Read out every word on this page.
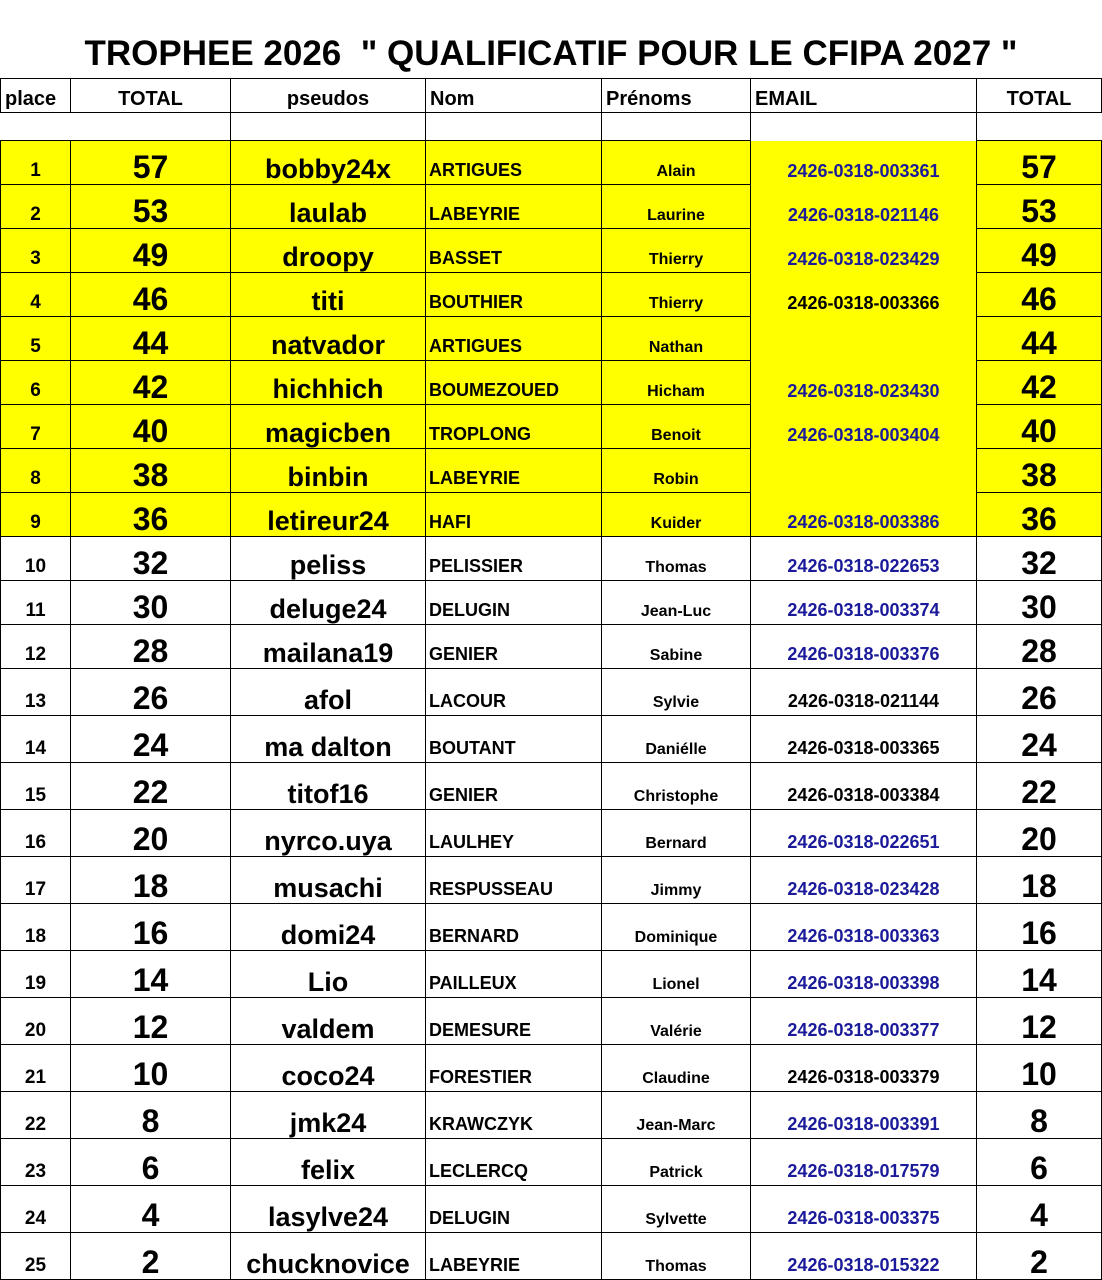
TROPHEE 2026  " QUALIFICATIF POUR LE CFIPA 2027 "
place	TOTAL	pseudos	Nom	Prénoms	EMAIL	TOTAL

1	57	bobby24x	ARTIGUES	Alain	2426-0318-003361	57
2	53	laulab	LABEYRIE	Laurine	2426-0318-021146	53
3	49	droopy	BASSET	Thierry	2426-0318-023429	49
4	46	titi	BOUTHIER	Thierry	2426-0318-003366	46
5	44	natvador	ARTIGUES	Nathan		44
6	42	hichhich	BOUMEZOUED	Hicham	2426-0318-023430	42
7	40	magicben	TROPLONG	Benoit	2426-0318-003404	40
8	38	binbin	LABEYRIE	Robin		38
9	36	letireur24	HAFI	Kuider	2426-0318-003386	36
10	32	peliss	PELISSIER	Thomas	2426-0318-022653	32
11	30	deluge24	DELUGIN	Jean-Luc	2426-0318-003374	30
12	28	mailana19	GENIER	Sabine	2426-0318-003376	28
13	26	afol	LACOUR	Sylvie	2426-0318-021144	26
14	24	ma dalton	BOUTANT	Daniélle	2426-0318-003365	24
15	22	titof16	GENIER	Christophe	2426-0318-003384	22
16	20	nyrco.uya	LAULHEY	Bernard	2426-0318-022651	20
17	18	musachi	RESPUSSEAU	Jimmy	2426-0318-023428	18
18	16	domi24	BERNARD	Dominique	2426-0318-003363	16
19	14	Lio	PAILLEUX	Lionel	2426-0318-003398	14
20	12	valdem	DEMESURE	Valérie	2426-0318-003377	12
21	10	coco24	FORESTIER	Claudine	2426-0318-003379	10
22	8	jmk24	KRAWCZYK	Jean-Marc	2426-0318-003391	8
23	6	felix	LECLERCQ	Patrick	2426-0318-017579	6
24	4	lasylve24	DELUGIN	Sylvette	2426-0318-003375	4
25	2	chucknovice	LABEYRIE	Thomas	2426-0318-015322	2
